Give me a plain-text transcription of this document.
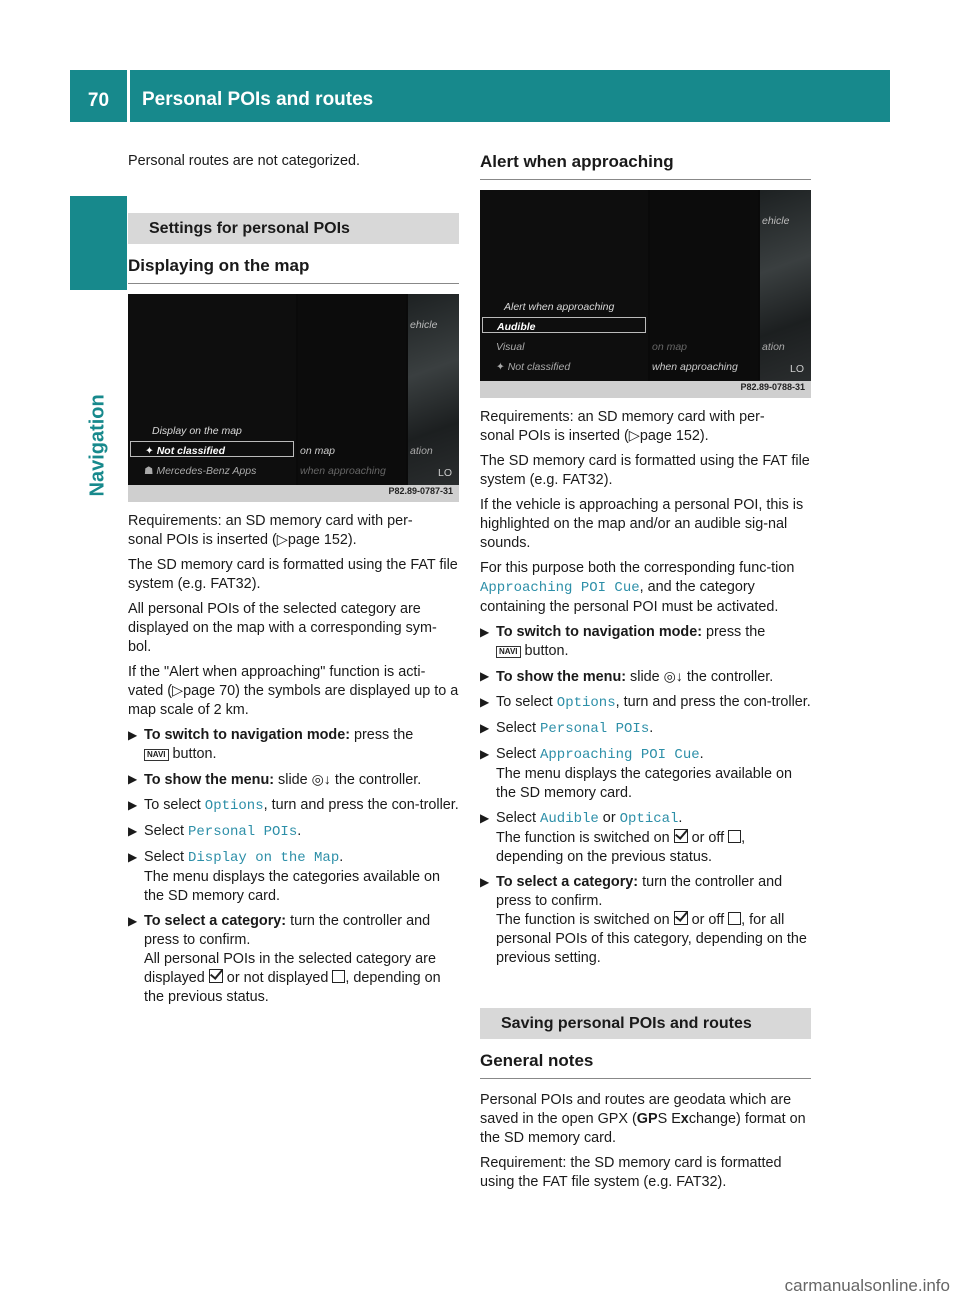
70	Personal POIs and routes
Navigation

Personal routes are not categorized.

Settings for personal POIs
Displaying on the map
Display on the map
✦ Not classified
☗ Mercedes-Benz Apps
on map
when approaching
ehicle
ation
LO
P82.89-0787-31

Requirements: an SD memory card with per-
sonal POIs is inserted (▷page 152).

The SD memory card is formatted using the FAT file system (e.g. FAT32).

All personal POIs of the selected category are displayed on the map with a corresponding sym-bol.

If the "Alert when approaching" function is acti-vated (▷page 70) the symbols are displayed up to a map scale of 2 km.

▶ To switch to navigation mode: press the
NAVI button.
▶ To show the menu: slide ◎↓ the controller.
▶ To select Options, turn and press the con-troller.
▶ Select Personal POIs.
▶ Select Display on the Map.
The menu displays the categories available on the SD memory card.
▶ To select a category: turn the controller and press to confirm.
All personal POIs in the selected category are displayed  or not displayed , depending on the previous status.
Alert when approaching
Alert when approaching
Audible
Visual
✦ Not classified
on map
when approaching
ehicle
ation
LO
P82.89-0788-31

Requirements: an SD memory card with per-
sonal POIs is inserted (▷page 152).

The SD memory card is formatted using the FAT file system (e.g. FAT32).

If the vehicle is approaching a personal POI, this is highlighted on the map and/or an audible sig-nal sounds.

For this purpose both the corresponding func-tion Approaching POI Cue, and the category containing the personal POI must be activated.

▶ To switch to navigation mode: press the
NAVI button.
▶ To show the menu: slide ◎↓ the controller.
▶ To select Options, turn and press the con-troller.
▶ Select Personal POIs.
▶ Select Approaching POI Cue.
The menu displays the categories available on the SD memory card.
▶ Select Audible or Optical.
The function is switched on  or off , depending on the previous status.
▶ To select a category: turn the controller and press to confirm.
The function is switched on  or off , for all personal POIs of this category, depending on the previous setting.
Saving personal POIs and routes
General notes

Personal POIs and routes are geodata which are saved in the open GPX (GPS Exchange) format on the SD memory card.

Requirement: the SD memory card is formatted using the FAT file system (e.g. FAT32).

carmanualsonline.info
